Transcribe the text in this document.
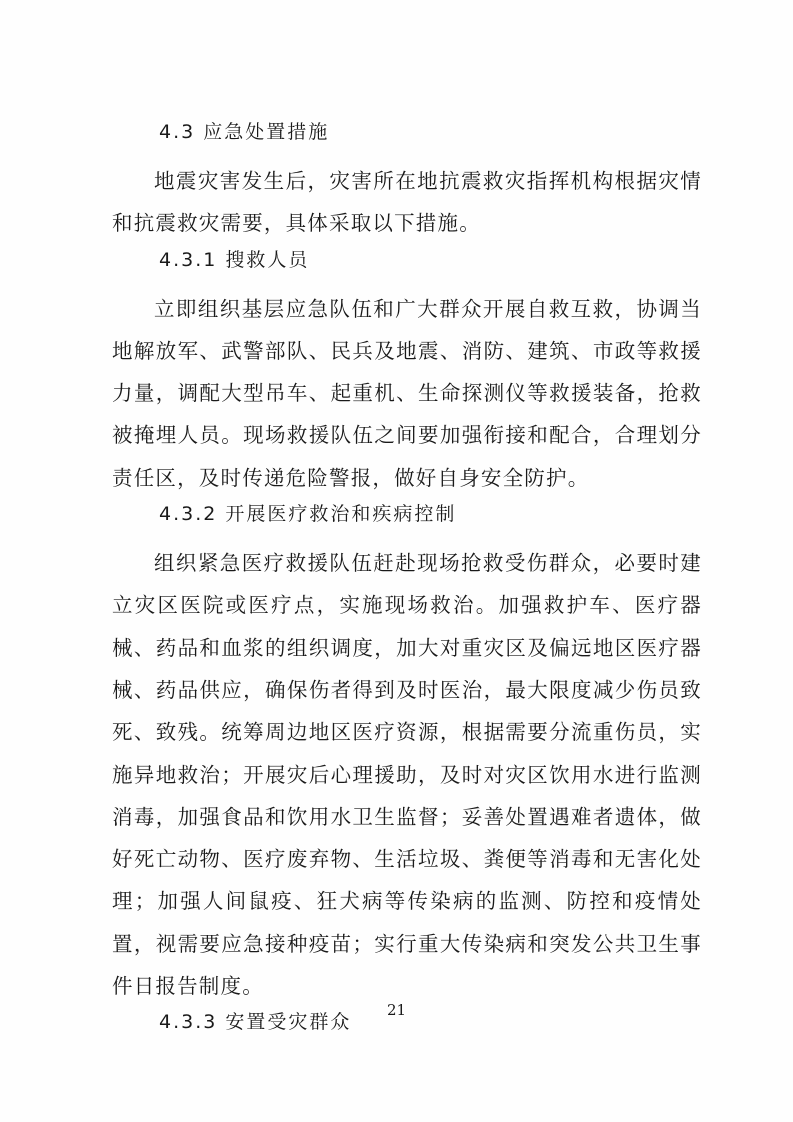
4.3 应急处置措施

地震灾害发生后，灾害所在地抗震救灾指挥机构根据灾情和抗震救灾需要，具体采取以下措施。

4.3.1 搜救人员

立即组织基层应急队伍和广大群众开展自救互救，协调当地解放军、武警部队、民兵及地震、消防、建筑、市政等救援力量，调配大型吊车、起重机、生命探测仪等救援装备，抢救被掩埋人员。现场救援队伍之间要加强衔接和配合，合理划分责任区，及时传递危险警报，做好自身安全防护。

4.3.2 开展医疗救治和疾病控制

组织紧急医疗救援队伍赶赴现场抢救受伤群众，必要时建立灾区医院或医疗点，实施现场救治。加强救护车、医疗器械、药品和血浆的组织调度，加大对重灾区及偏远地区医疗器械、药品供应，确保伤者得到及时医治，最大限度减少伤员致死、致残。统筹周边地区医疗资源，根据需要分流重伤员，实施异地救治；开展灾后心理援助，及时对灾区饮用水进行监测消毒，加强食品和饮用水卫生监督；妥善处置遇难者遗体，做好死亡动物、医疗废弃物、生活垃圾、粪便等消毒和无害化处理；加强人间鼠疫、狂犬病等传染病的监测、防控和疫情处置，视需要应急接种疫苗；实行重大传染病和突发公共卫生事件日报告制度。

4.3.3 安置受灾群众
21
